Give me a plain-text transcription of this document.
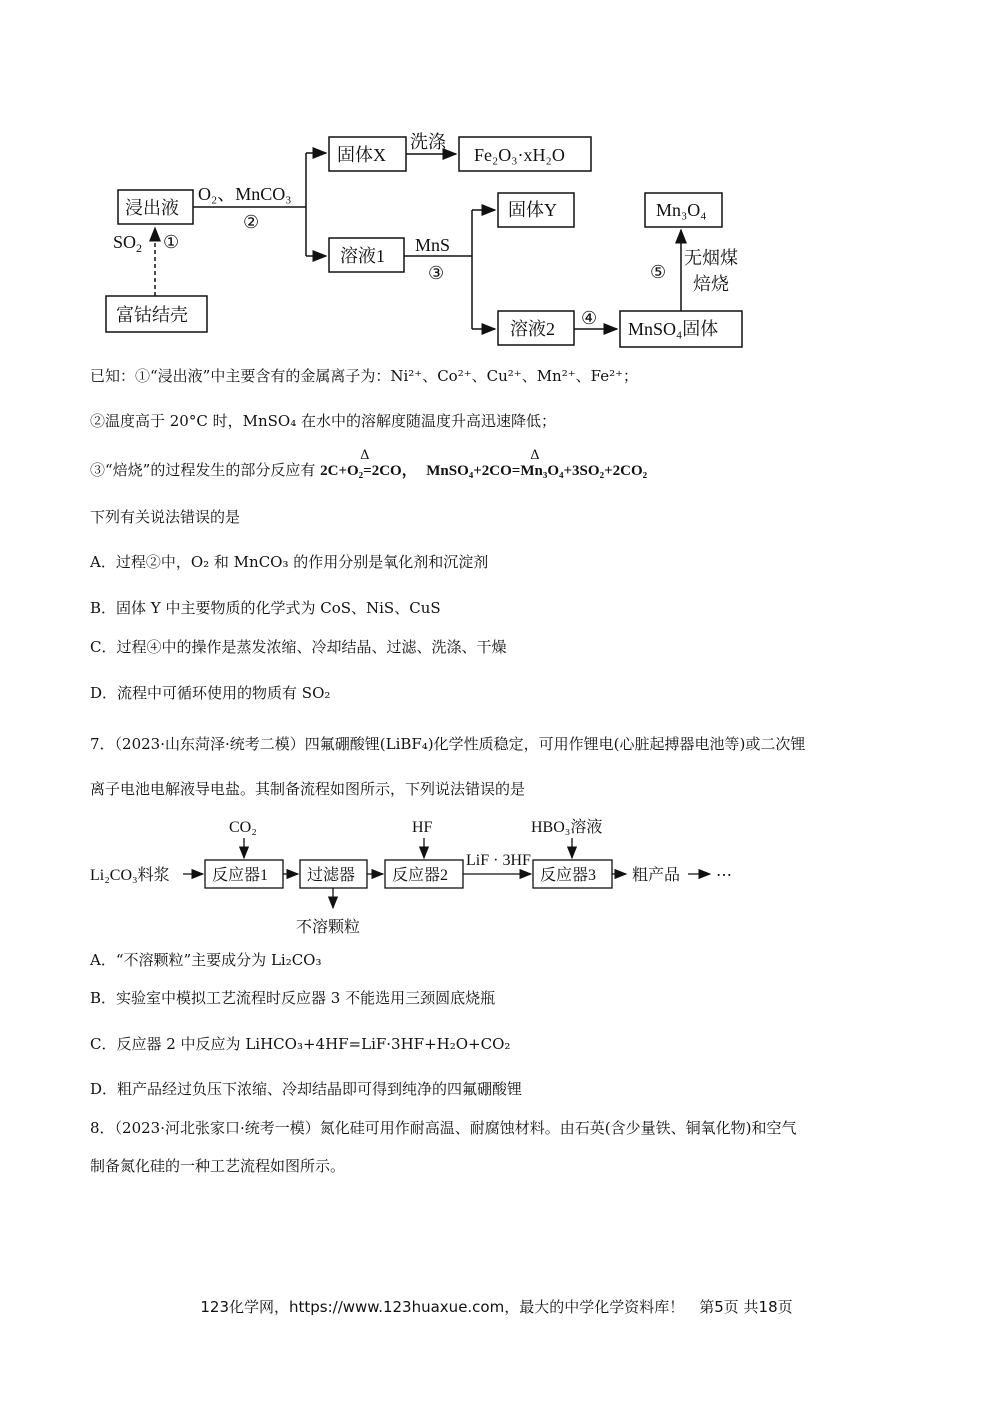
浸出液
富钴结壳
$SO_2$ ①
O₂、MnCO₃
②
固体X
洗涤
Fe₂O₃·xH₂O
溶液1
MnS
③
固体Y	Mn₃O₄
⑤
无烟煤
焙烧
溶液2
④
MnSO₄固体
已知：①“浸出液”中主要含有的金属离子为：Ni²⁺、Co²⁺、Cu²⁺、Mn²⁺、Fe²⁺；
②温度高于 20°C 时，MnSO₄ 在水中的溶解度随温度升高迅速降低；
③“焙烧”的过程发生的部分反应有
Δ
2C+O₂=2CO，
Δ
MnSO₄+2CO=Mn₃O₄+3SO₂+2CO₂
下列有关说法错误的是
A．过程②中，O₂ 和 MnCO₃ 的作用分别是氧化剂和沉淀剂
B．固体 Y 中主要物质的化学式为 CoS、NiS、CuS
C．过程④中的操作是蒸发浓缩、冷却结晶、过滤、洗涤、干燥
D．流程中可循环使用的物质有 SO₂
7．（2023·山东菏泽·统考二模）四氟硼酸锂(LiBF₄)化学性质稳定，可用作锂电(心脏起搏器电池等)或二次锂
离子电池电解液导电盐。其制备流程如图所示，下列说法错误的是
Li₂CO₃料浆
CO₂
反应器1 过滤器
不溶颗粒
HF
反应器2
LiF · 3HF
HBO₃溶液
反应器3 粗产品 ⋯
A．“不溶颗粒”主要成分为 Li₂CO₃
B．实验室中模拟工艺流程时反应器 3 不能选用三颈圆底烧瓶
C．反应器 2 中反应为 LiHCO₃+4HF=LiF·3HF+H₂O+CO₂
D．粗产品经过负压下浓缩、冷却结晶即可得到纯净的四氟硼酸锂
8．（2023·河北张家口·统考一模）氮化硅可用作耐高温、耐腐蚀材料。由石英(含少量铁、铜氧化物)和空气
制备氮化硅的一种工艺流程如图所示。
123化学网，https://www.123huaxue.com，最大的中学化学资料库！　第5页 共18页
